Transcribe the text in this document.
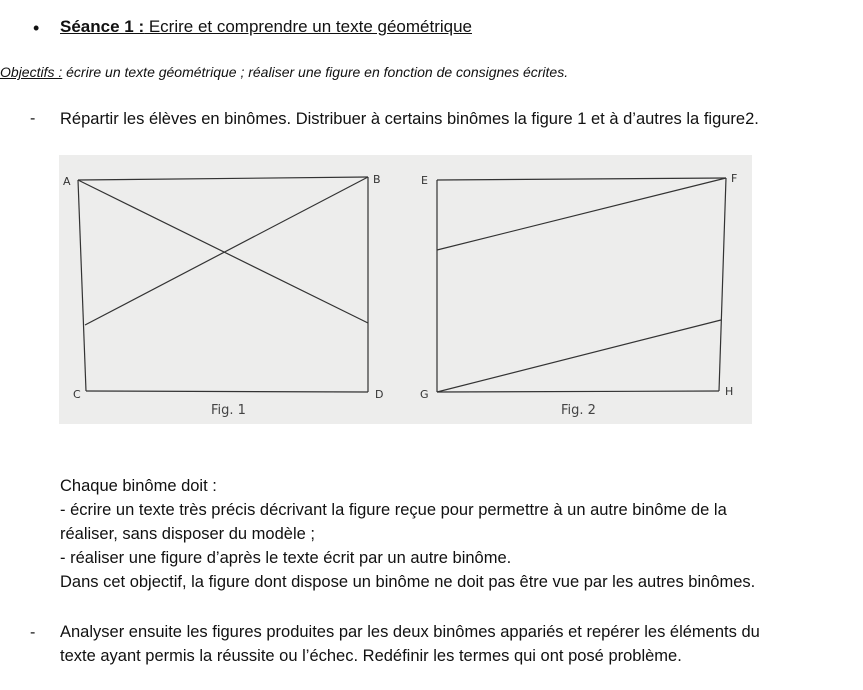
• Séance 1 : Ecrire et comprendre un texte géométrique
Objectifs : écrire un texte géométrique ; réaliser une figure en fonction de consignes écrites.
- Répartir les élèves en binômes. Distribuer à certains binômes la figure 1 et à d’autres la figure2.
A	B
C	D
Fig. 1
E	F
G	H
Fig. 2
Chaque binôme doit :
- écrire un texte très précis décrivant la figure reçue pour permettre à un autre binôme de la
réaliser, sans disposer du modèle ;
- réaliser une figure d’après le texte écrit par un autre binôme.
Dans cet objectif, la figure dont dispose un binôme ne doit pas être vue par les autres binômes.
- Analyser ensuite les figures produites par les deux binômes appariés et repérer les éléments du
texte ayant permis la réussite ou l’échec. Redéfinir les termes qui ont posé problème.
